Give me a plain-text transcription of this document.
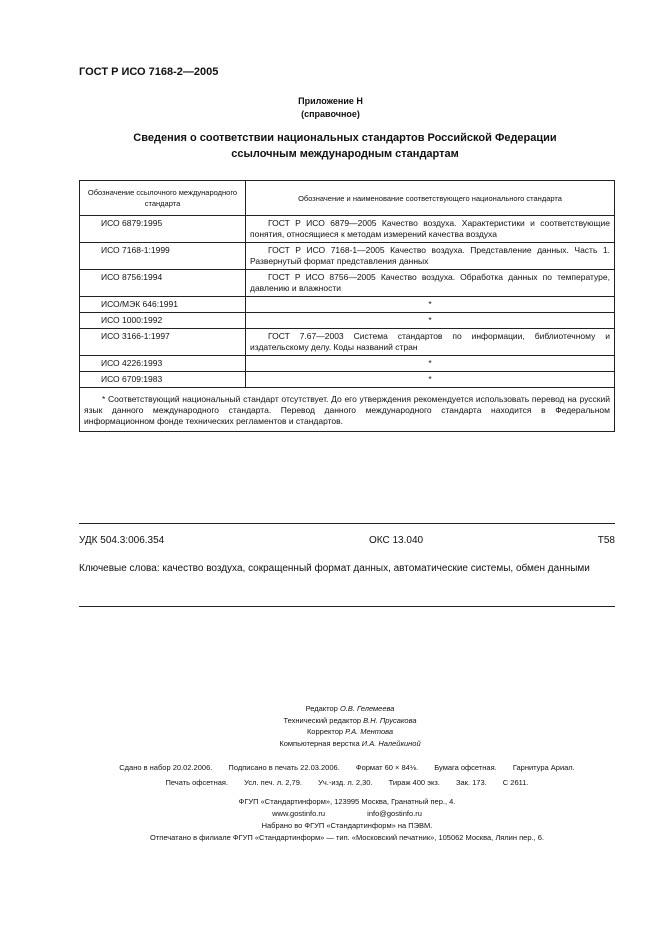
ГОСТ Р ИСО 7168-2—2005
Приложение Н
(справочное)
Сведения о соответствии национальных стандартов Российской Федерации
ссылочным международным стандартам
Обозначение ссылочного международного стандарта	Обозначение и наименование соответствующего национального стандарта
ИСО 6879:1995	ГОСТ Р ИСО 6879—2005 Качество воздуха. Характеристики и соответствующие понятия, относящиеся к методам измерений качества воздуха
ИСО 7168-1:1999	ГОСТ Р ИСО 7168-1—2005 Качество воздуха. Представление данных. Часть 1. Развернутый формат представления данных
ИСО 8756:1994	ГОСТ Р ИСО 8756—2005 Качество воздуха. Обработка данных по температуре, давлению и влажности
ИСО/МЭК 646:1991	*
ИСО 1000:1992	*
ИСО 3166-1:1997	ГОСТ 7.67—2003 Система стандартов по информации, библиотечному и издательскому делу. Коды названий стран
ИСО 4226:1993	*
ИСО 6709:1983	*
* Соответствующий национальный стандарт отсутствует. До его утверждения рекомендуется использовать перевод на русский язык данного международного стандарта. Перевод данного международного стандарта находится в Федеральном информационном фонде технических регламентов и стандартов.	
УДК 504.3:006.354	ОКС 13.040	Т58
Ключевые слова: качество воздуха, сокращенный формат данных, автоматические системы, обмен данными
Редактор О.В. Гелемеева
Технический редактор В.Н. Прусакова
Корректор Р.А. Ментова
Компьютерная верстка И.А. Налейкиной
Сдано в набор 20.02.2006. Подписано в печать 22.03.2006. Формат 60 × 84⅛. Бумага офсетная. Гарнитура Ариал.
Печать офсетная. Усл. печ. л. 2,79. Уч.-изд. л. 2,30. Тираж 400 экз. Зак. 173. С 2611.
ФГУП «Стандартинформ», 123995 Москва, Гранатный пер., 4.
www.gostinfo.ru	info@gostinfo.ru
Набрано во ФГУП «Стандартинформ» на ПЭВМ.
Отпечатано в филиале ФГУП «Стандартинформ» — тип. «Московский печатник», 105062 Москва, Лялин пер., 6.
